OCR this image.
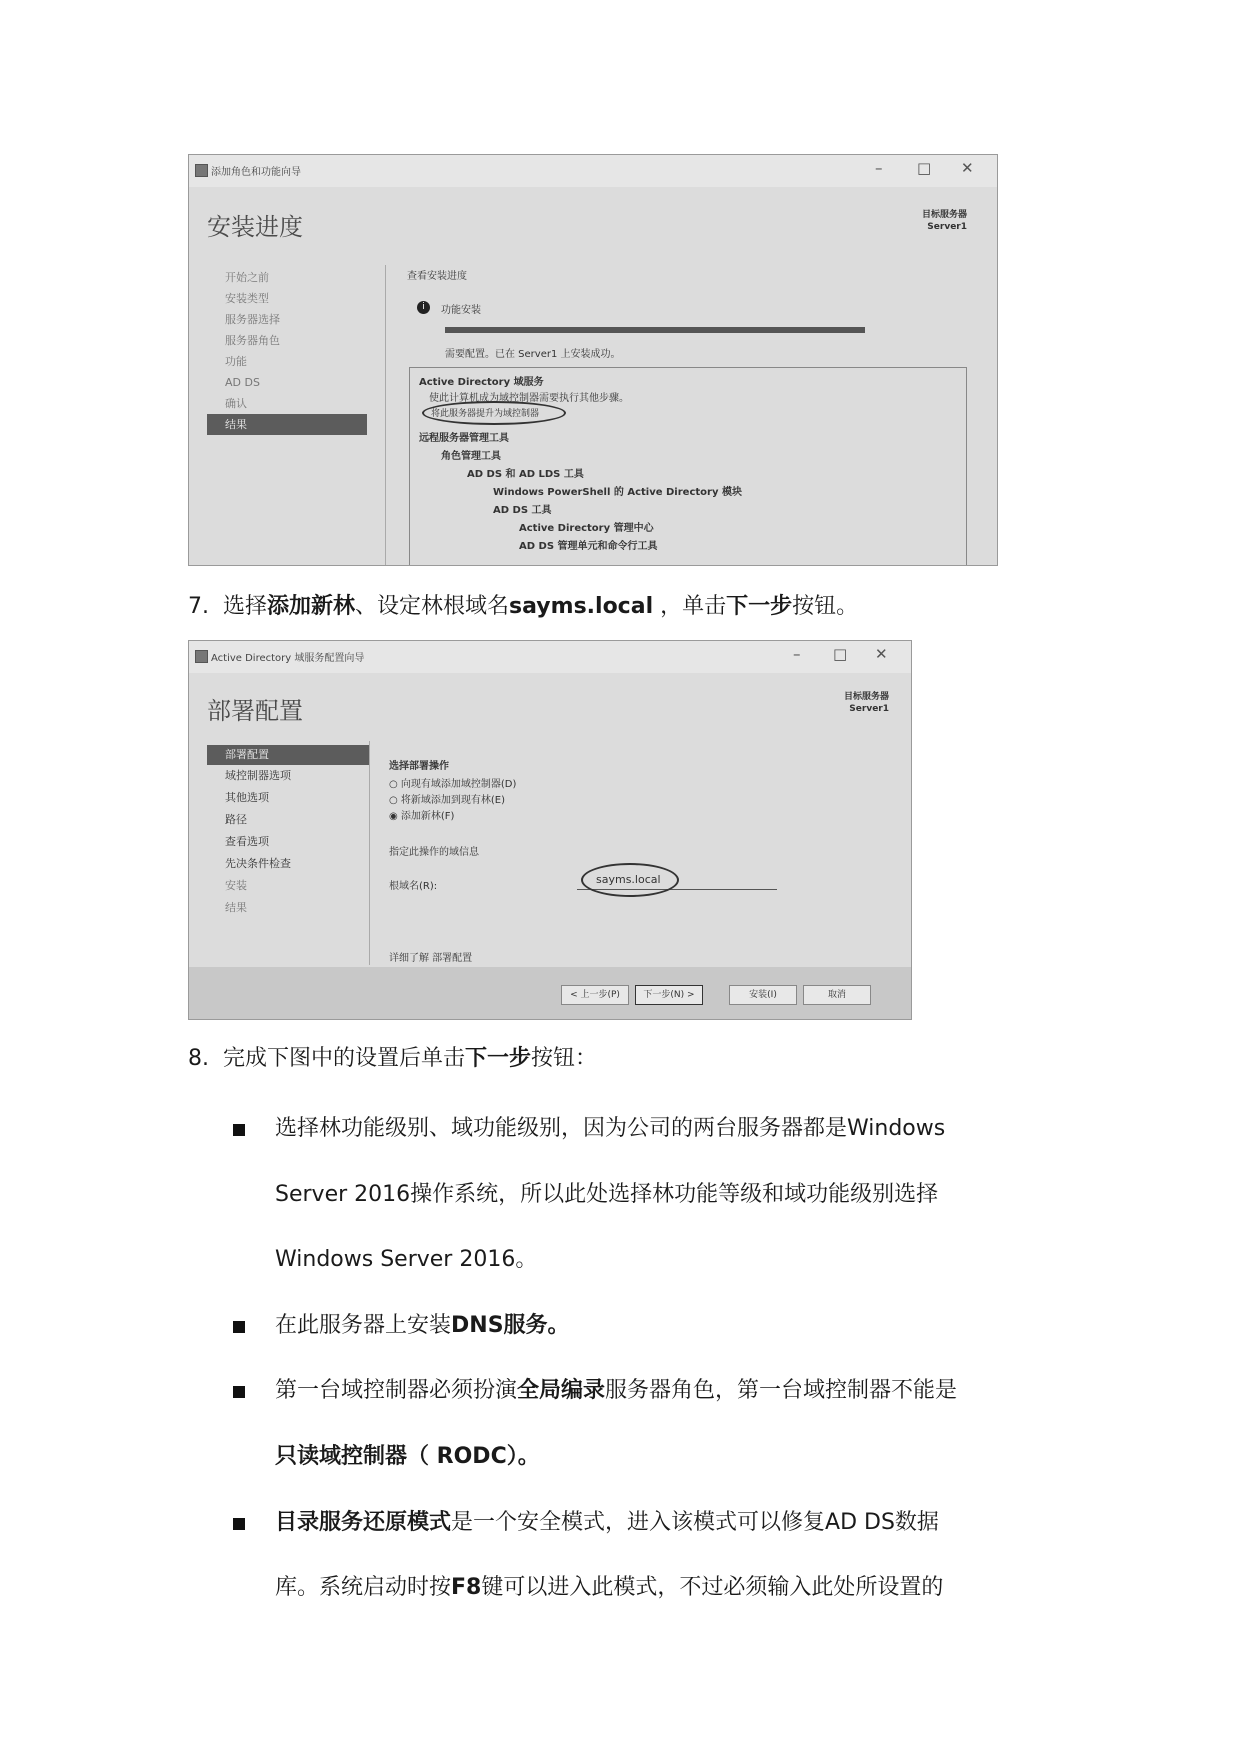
添加角色和功能向导	– □ ✕
安装进度	目标服务器
Server1
开始之前
安装类型
服务器选择
服务器角色
功能
AD DS
确认
结果
查看安装进度
i	功能安装
需要配置。已在 Server1 上安装成功。
Active Directory 域服务
使此计算机成为域控制器需要执行其他步骤。
将此服务器提升为域控制器
远程服务器管理工具
角色管理工具
AD DS 和 AD LDS 工具
Windows PowerShell 的 Active Directory 模块
AD DS 工具
Active Directory 管理中心
AD DS 管理单元和命令行工具
7. 选择添加新林、设定林根域名sayms.local ，单击下一步按钮。
Active Directory 域服务配置向导	– □ ✕
部署配置	目标服务器
Server1
部署配置
域控制器选项
其他选项
路径
查看选项
先决条件检查
安装
结果
选择部署操作
○ 向现有域添加域控制器(D)
○ 将新域添加到现有林(E)
◉ 添加新林(F)
指定此操作的域信息
根域名(R):
sayms.local
详细了解 部署配置
< 上一步(P)	下一步(N) >	安装(I)	取消
8. 完成下图中的设置后单击下一步按钮：
选择林功能级别、域功能级别，因为公司的两台服务器都是Windows
Server 2016操作系统，所以此处选择林功能等级和域功能级别选择
Windows Server 2016。
在此服务器上安装DNS服务。
第一台域控制器必须扮演全局编录服务器角色，第一台域控制器不能是
只读域控制器（ RODC）。
目录服务还原模式是一个安全模式，进入该模式可以修复AD DS数据
库。系统启动时按F8键可以进入此模式，不过必须输入此处所设置的
